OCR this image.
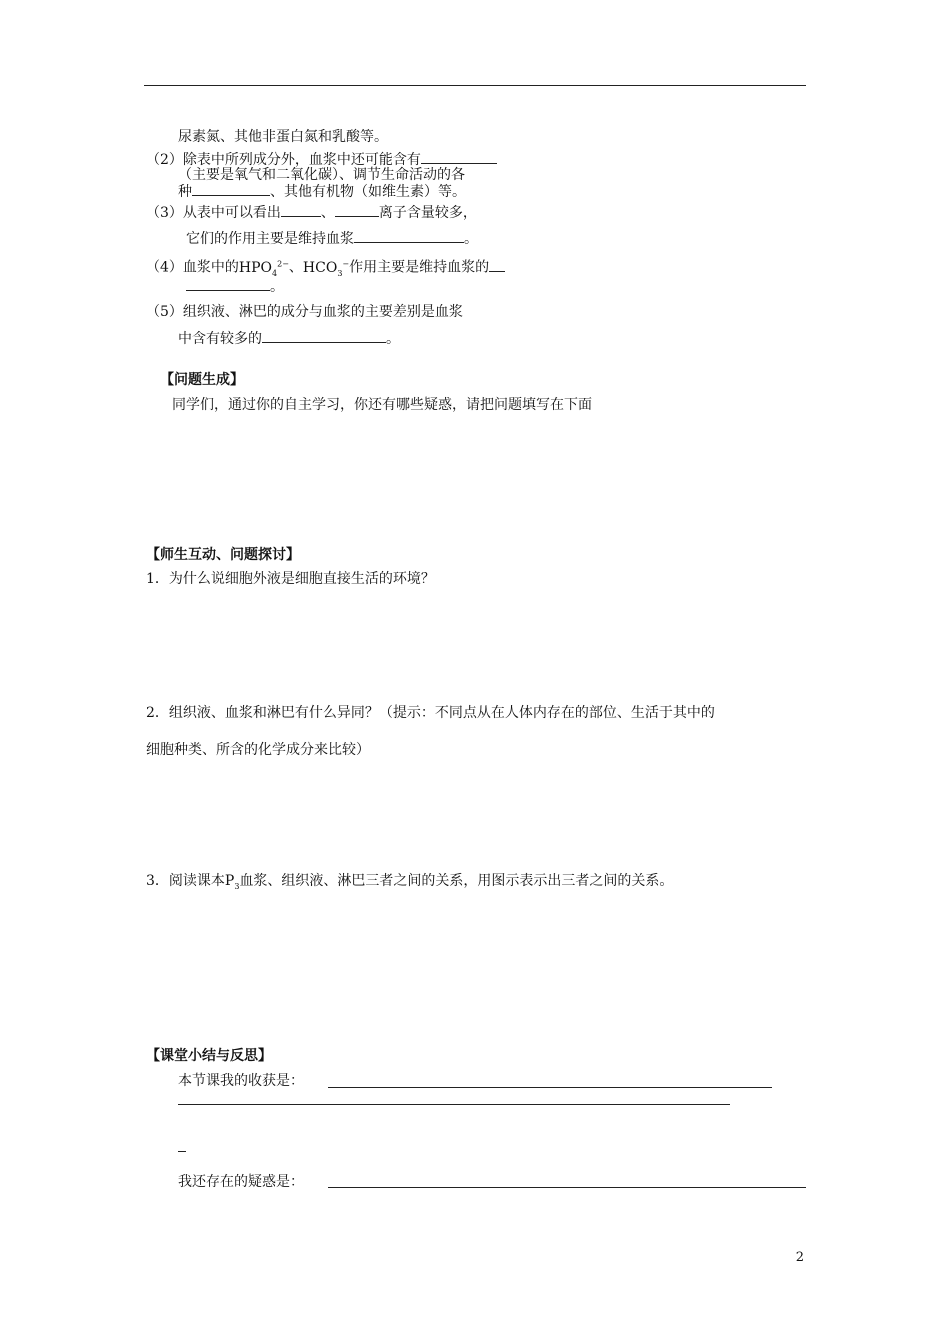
尿素氮、其他非蛋白氮和乳酸等。
（2）除表中所列成分外，血浆中还可能含有
（主要是氧气和二氧化碳）、调节生命活动的各
种	、其他有机物（如维生素）等。
（3）从表中可以看出	、	离子含量较多，
它们的作用主要是维持血浆	。
（4）血浆中的$HPO_4^{2-}$、$HCO_3^-$作用主要是维持血浆的
。
（5）组织液、淋巴的成分与血浆的主要差别是血浆
中含有较多的	。
【问题生成】
同学们，通过你的自主学习，你还有哪些疑惑，请把问题填写在下面
【师生互动、问题探讨】
1．为什么说细胞外液是细胞直接生活的环境？
2．组织液、血浆和淋巴有什么异同？（提示：不同点从在人体内存在的部位、生活于其中的
细胞种类、所含的化学成分来比较）
3．阅读课本$P_3$血浆、组织液、淋巴三者之间的关系，用图示表示出三者之间的关系。
【课堂小结与反思】
本节课我的收获是：
我还存在的疑惑是：
2
